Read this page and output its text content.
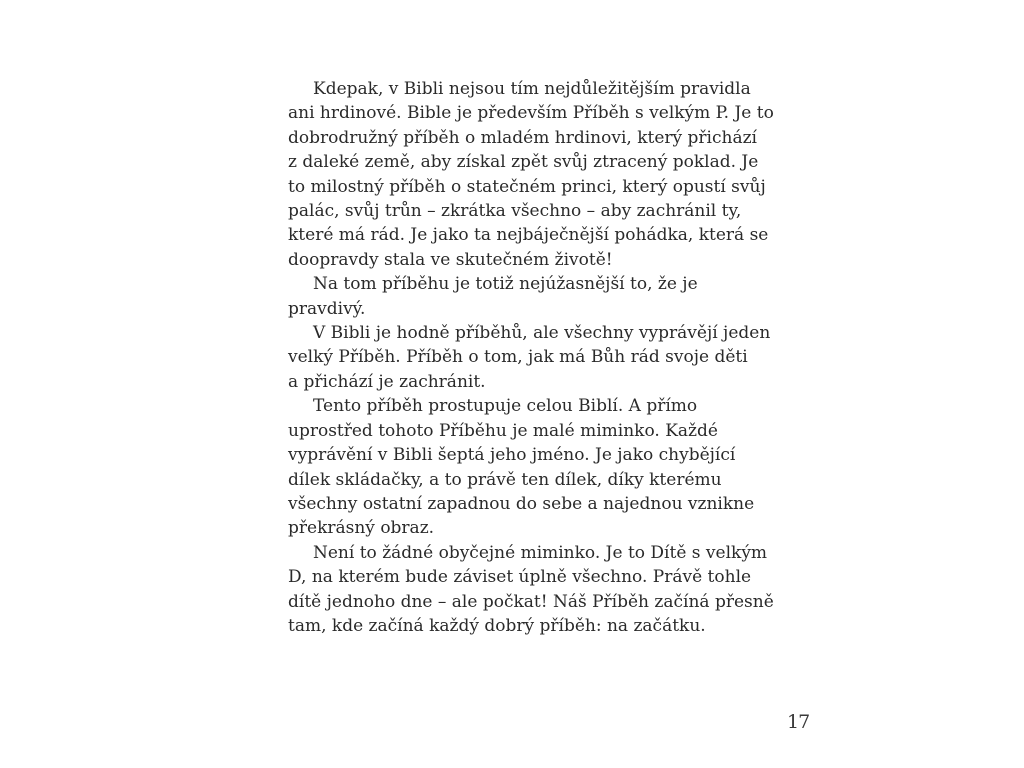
Kdepak, v Bibli nejsou tím nejdůležitějším pravidla
ani hrdinové. Bible je především Příběh s velkým P. Je to
dobrodružný příběh o mladém hrdinovi, který přichází
z daleké země, aby získal zpět svůj ztracený poklad. Je
to milostný příběh o statečném princi, který opustí svůj
palác, svůj trůn – zkrátka všechno – aby zachránil ty,
které má rád. Je jako ta nejbáječnější pohádka, která se
doopravdy stala ve skutečném životě!

Na tom příběhu je totiž nejúžasnější to, že je
pravdivý.

V Bibli je hodně příběhů, ale všechny vyprávějí jeden
velký Příběh. Příběh o tom, jak má Bůh rád svoje děti
a přichází je zachránit.

Tento příběh prostupuje celou Biblí. A přímo
uprostřed tohoto Příběhu je malé miminko. Každé
vyprávění v Bibli šeptá jeho jméno. Je jako chybějící
dílek skládačky, a to právě ten dílek, díky kterému
všechny ostatní zapadnou do sebe a najednou vznikne
překrásný obraz.

Není to žádné obyčejné miminko. Je to Dítě s velkým
D, na kterém bude záviset úplně všechno. Právě tohle
dítě jednoho dne – ale počkat! Náš Příběh začíná přesně
tam, kde začíná každý dobrý příběh: na začátku.

17
